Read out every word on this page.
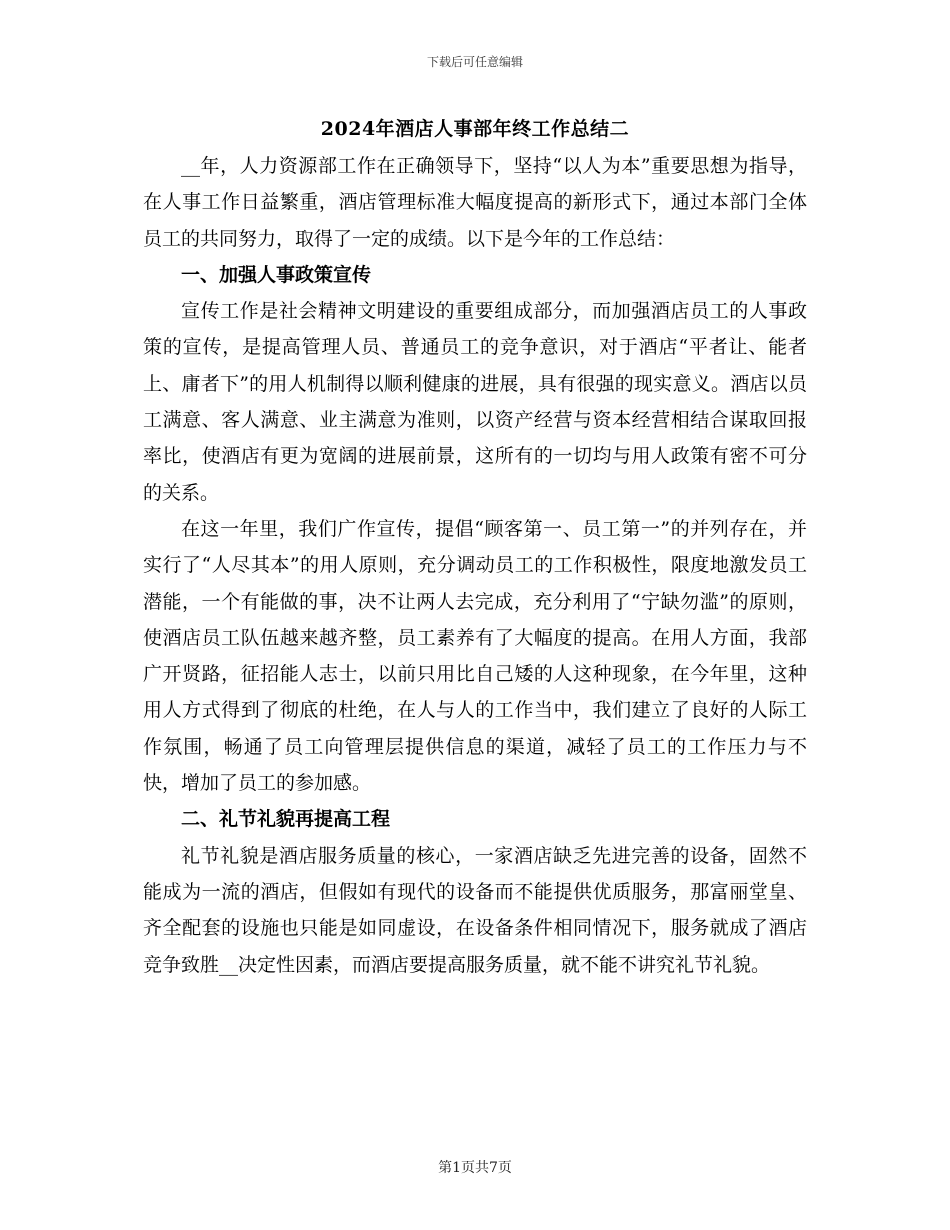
下载后可任意编辑
2024年酒店人事部年终工作总结二

__年，人力资源部工作在正确领导下，坚持“以人为本”重要思想为指导，在人事工作日益繁重，酒店管理标准大幅度提高的新形式下，通过本部门全体员工的共同努力，取得了一定的成绩。以下是今年的工作总结：

一、加强人事政策宣传

宣传工作是社会精神文明建设的重要组成部分，而加强酒店员工的人事政策的宣传，是提高管理人员、普通员工的竞争意识，对于酒店“平者让、能者上、庸者下”的用人机制得以顺利健康的进展，具有很强的现实意义。酒店以员工满意、客人满意、业主满意为准则，以资产经营与资本经营相结合谋取回报率比，使酒店有更为宽阔的进展前景，这所有的一切均与用人政策有密不可分的关系。

在这一年里，我们广作宣传，提倡“顾客第一、员工第一”的并列存在，并实行了“人尽其本”的用人原则，充分调动员工的工作积极性，限度地激发员工潜能，一个有能做的事，决不让两人去完成，充分利用了“宁缺勿滥”的原则，使酒店员工队伍越来越齐整，员工素养有了大幅度的提高。在用人方面，我部广开贤路，征招能人志士，以前只用比自己矮的人这种现象，在今年里，这种用人方式得到了彻底的杜绝，在人与人的工作当中，我们建立了良好的人际工作氛围，畅通了员工向管理层提供信息的渠道，减轻了员工的工作压力与不快，增加了员工的参加感。

二、礼节礼貌再提高工程

礼节礼貌是酒店服务质量的核心，一家酒店缺乏先进完善的设备，固然不能成为一流的酒店，但假如有现代的设备而不能提供优质服务，那富丽堂皇、齐全配套的设施也只能是如同虚设，在设备条件相同情况下，服务就成了酒店竞争致胜__决定性因素，而酒店要提高服务质量，就不能不讲究礼节礼貌。

第1页共7页
